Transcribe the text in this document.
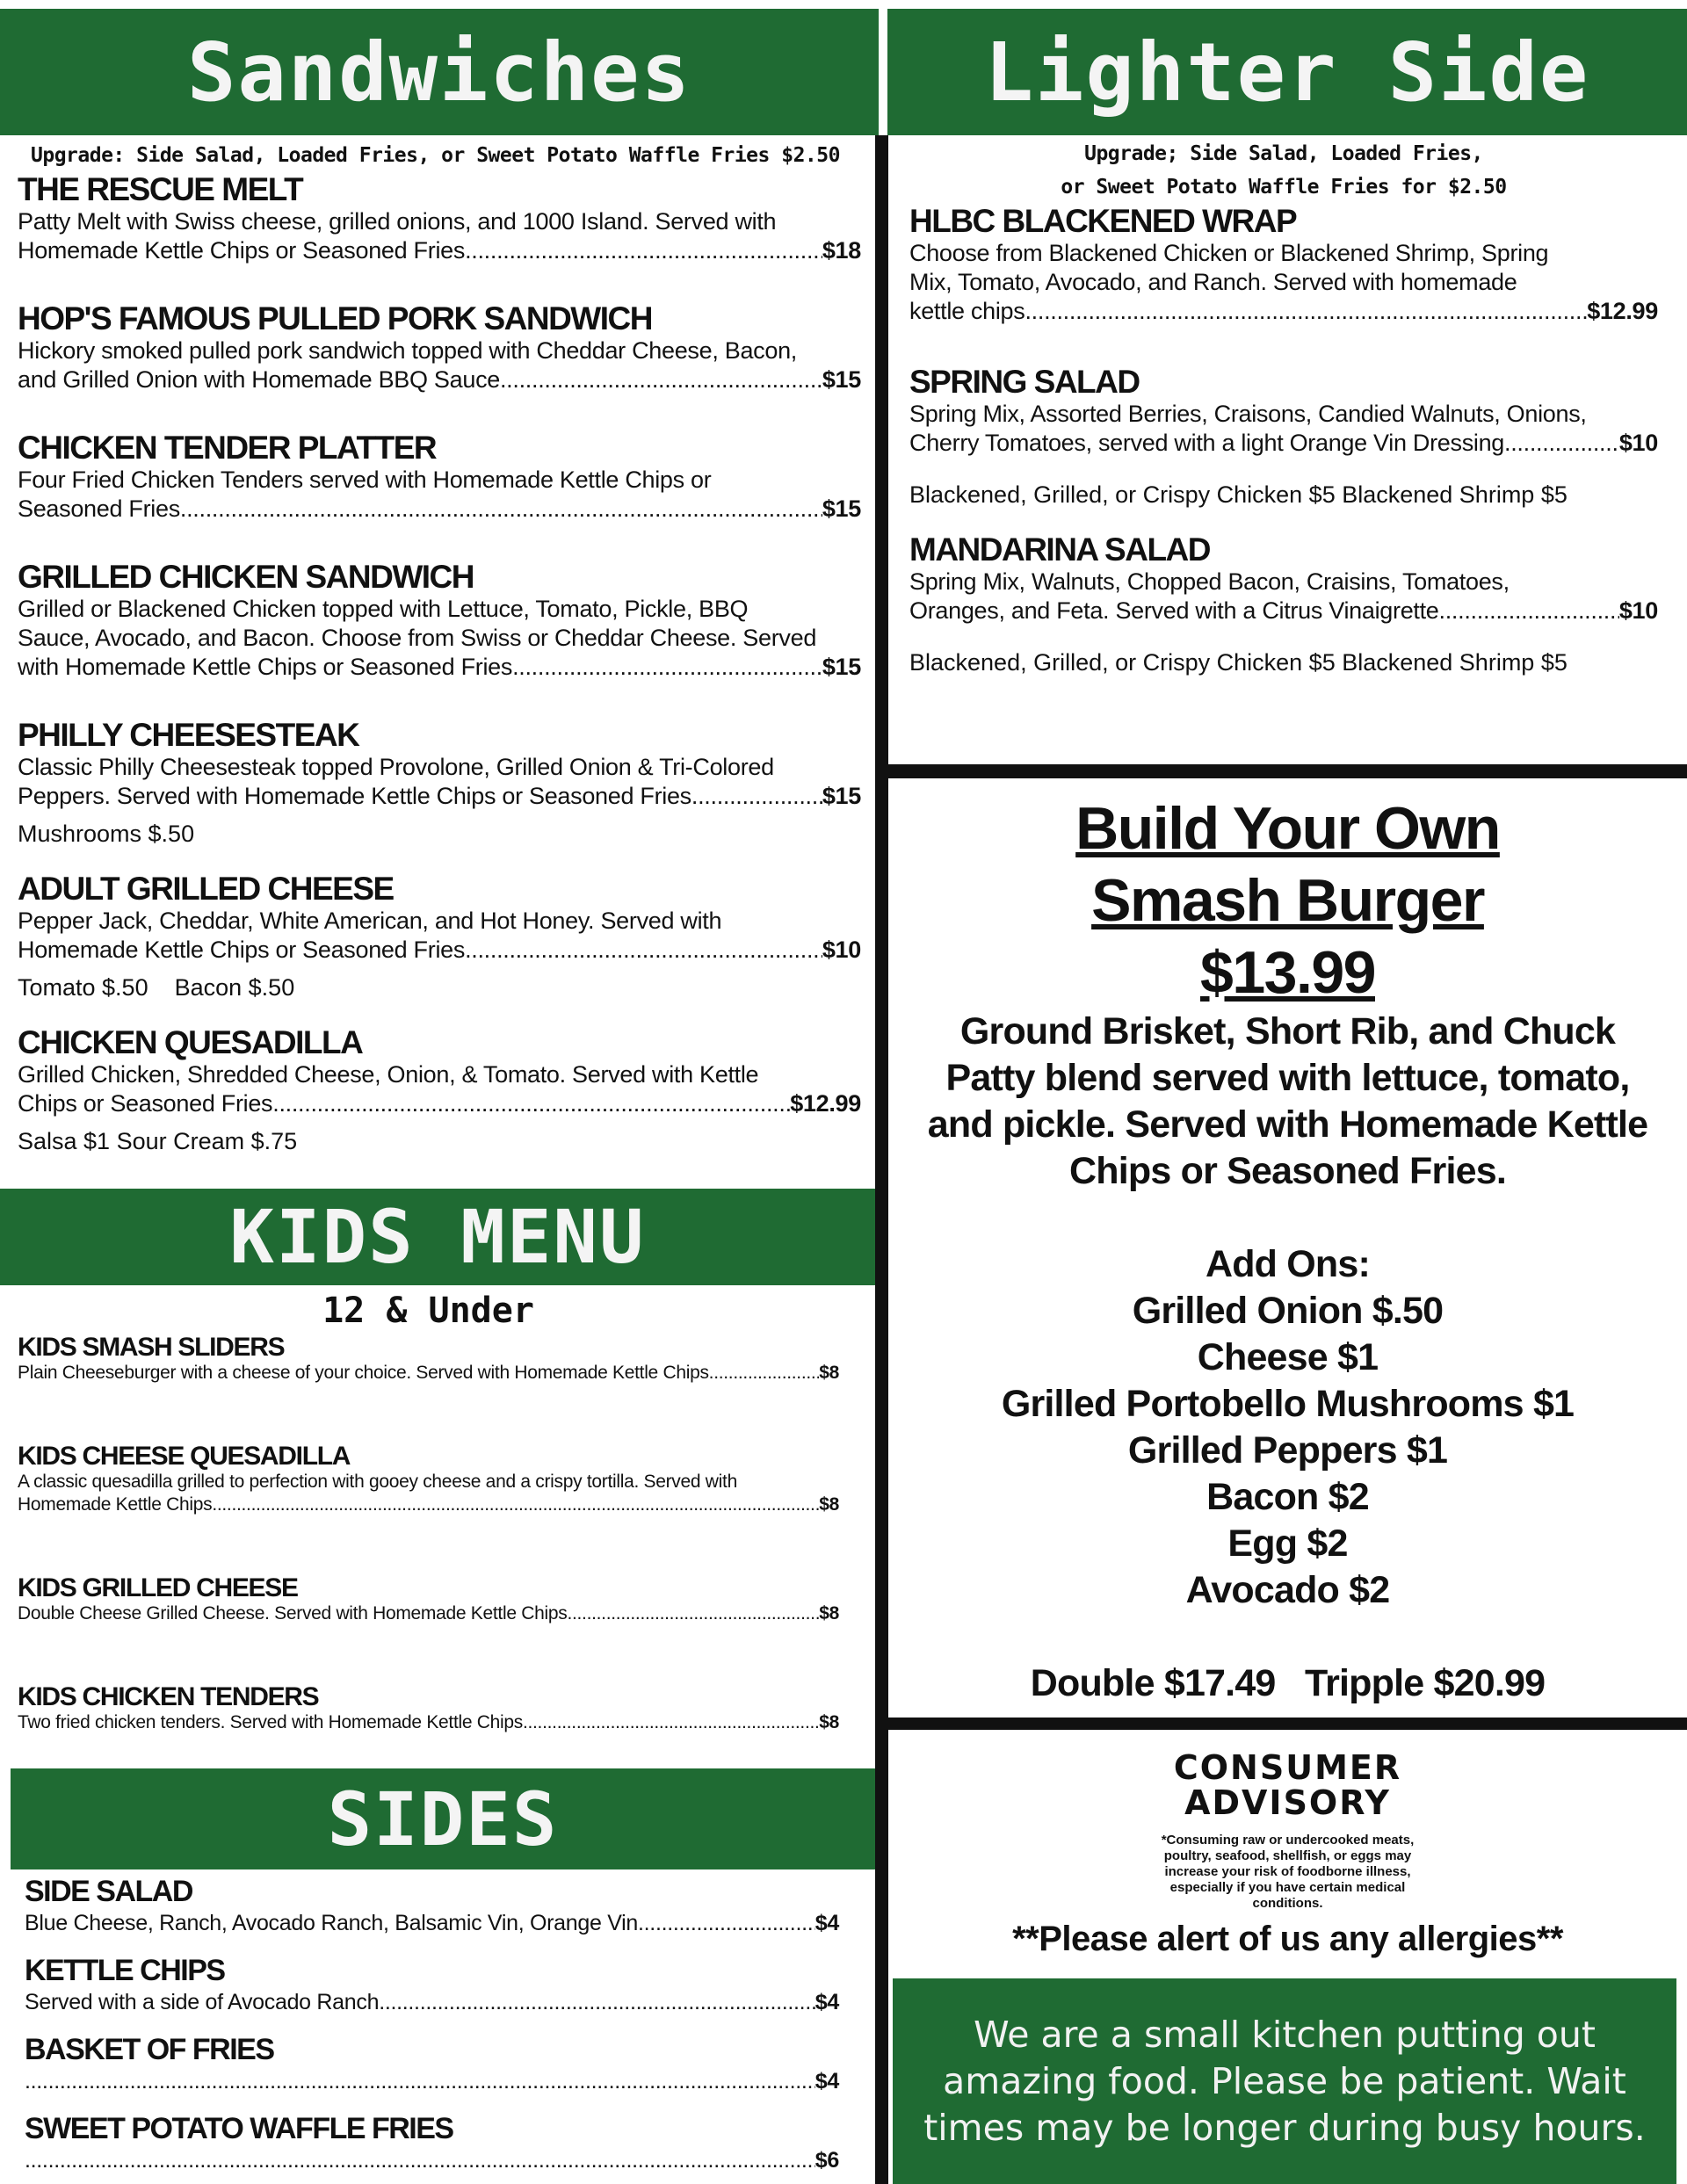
Sandwiches	Lighter Side
KIDS MENU
SIDES
Upgrade: Side Salad, Loaded Fries, or Sweet Potato Waffle Fries $2.50
THE RESCUE MELT
Patty Melt with Swiss cheese, grilled onions, and 1000 Island. Served with
Homemade Kettle Chips or Seasoned Fries .....	$18
HOP'S FAMOUS PULLED PORK SANDWICH
Hickory smoked pulled pork sandwich topped with Cheddar Cheese, Bacon,
and Grilled Onion with Homemade BBQ Sauce .....	$15
CHICKEN TENDER PLATTER
Four Fried Chicken Tenders served with Homemade Kettle Chips or
Seasoned Fries .....	$15
GRILLED CHICKEN SANDWICH
Grilled or Blackened Chicken topped with Lettuce, Tomato, Pickle, BBQ
Sauce, Avocado, and Bacon. Choose from Swiss or Cheddar Cheese. Served
with Homemade Kettle Chips or Seasoned Fries .....	$15
PHILLY CHEESESTEAK
Classic Philly Cheesesteak topped Provolone, Grilled Onion & Tri-Colored
Peppers. Served with Homemade Kettle Chips or Seasoned Fries .....	$15
Mushrooms $.50
ADULT GRILLED CHEESE
Pepper Jack, Cheddar, White American, and Hot Honey. Served with
Homemade Kettle Chips or Seasoned Fries .....	$10
Tomato $.50    Bacon $.50
CHICKEN QUESADILLA
Grilled Chicken, Shredded Cheese, Onion, & Tomato. Served with Kettle
Chips or Seasoned Fries .....	$12.99
Salsa $1 Sour Cream $.75
12 & Under
KIDS SMASH SLIDERS
Plain Cheeseburger with a cheese of your choice. Served with Homemade Kettle Chips .....	$8
KIDS CHEESE QUESADILLA
A classic quesadilla grilled to perfection with gooey cheese and a crispy tortilla. Served with
Homemade Kettle Chips .....	$8
KIDS GRILLED CHEESE
Double Cheese Grilled Cheese. Served with Homemade Kettle Chips .....	$8
KIDS CHICKEN TENDERS
Two fried chicken tenders. Served with Homemade Kettle Chips .....	$8
SIDE SALAD
Blue Cheese, Ranch, Avocado Ranch, Balsamic Vin, Orange Vin .....	$4
KETTLE CHIPS
Served with a side of Avocado Ranch .....	$4
BASKET OF FRIES
.....
$4
SWEET POTATO WAFFLE FRIES
.....
$6
Upgrade; Side Salad, Loaded Fries,
or Sweet Potato Waffle Fries for $2.50
HLBC BLACKENED WRAP
Choose from Blackened Chicken or Blackened Shrimp, Spring
Mix, Tomato, Avocado, and Ranch. Served with homemade
kettle chips .....	$12.99
SPRING SALAD
Spring Mix, Assorted Berries, Craisons, Candied Walnuts, Onions,
Cherry Tomatoes, served with a light Orange Vin Dressing .....	$10
Blackened, Grilled, or Crispy Chicken $5 Blackened Shrimp $5
MANDARINA SALAD
Spring Mix, Walnuts, Chopped Bacon, Craisins, Tomatoes,
Oranges, and Feta. Served with a Citrus Vinaigrette .....	$10
Blackened, Grilled, or Crispy Chicken $5 Blackened Shrimp $5
Build Your Own
Smash Burger
$13.99
Ground Brisket, Short Rib, and Chuck
Patty blend served with lettuce, tomato,
and pickle. Served with Homemade Kettle
Chips or Seasoned Fries.
Add Ons:
Grilled Onion $.50
Cheese $1
Grilled Portobello Mushrooms $1
Grilled Peppers $1
Bacon $2
Egg $2
Avocado $2
Double $17.49   Tripple $20.99
CONSUMER
ADVISORY
*Consuming raw or undercooked meats,
poultry, seafood, shellfish, or eggs may
increase your risk of foodborne illness,
especially if you have certain medical
conditions.
**Please alert of us any allergies**
We are a small kitchen putting out
amazing food. Please be patient. Wait
times may be longer during busy hours.
